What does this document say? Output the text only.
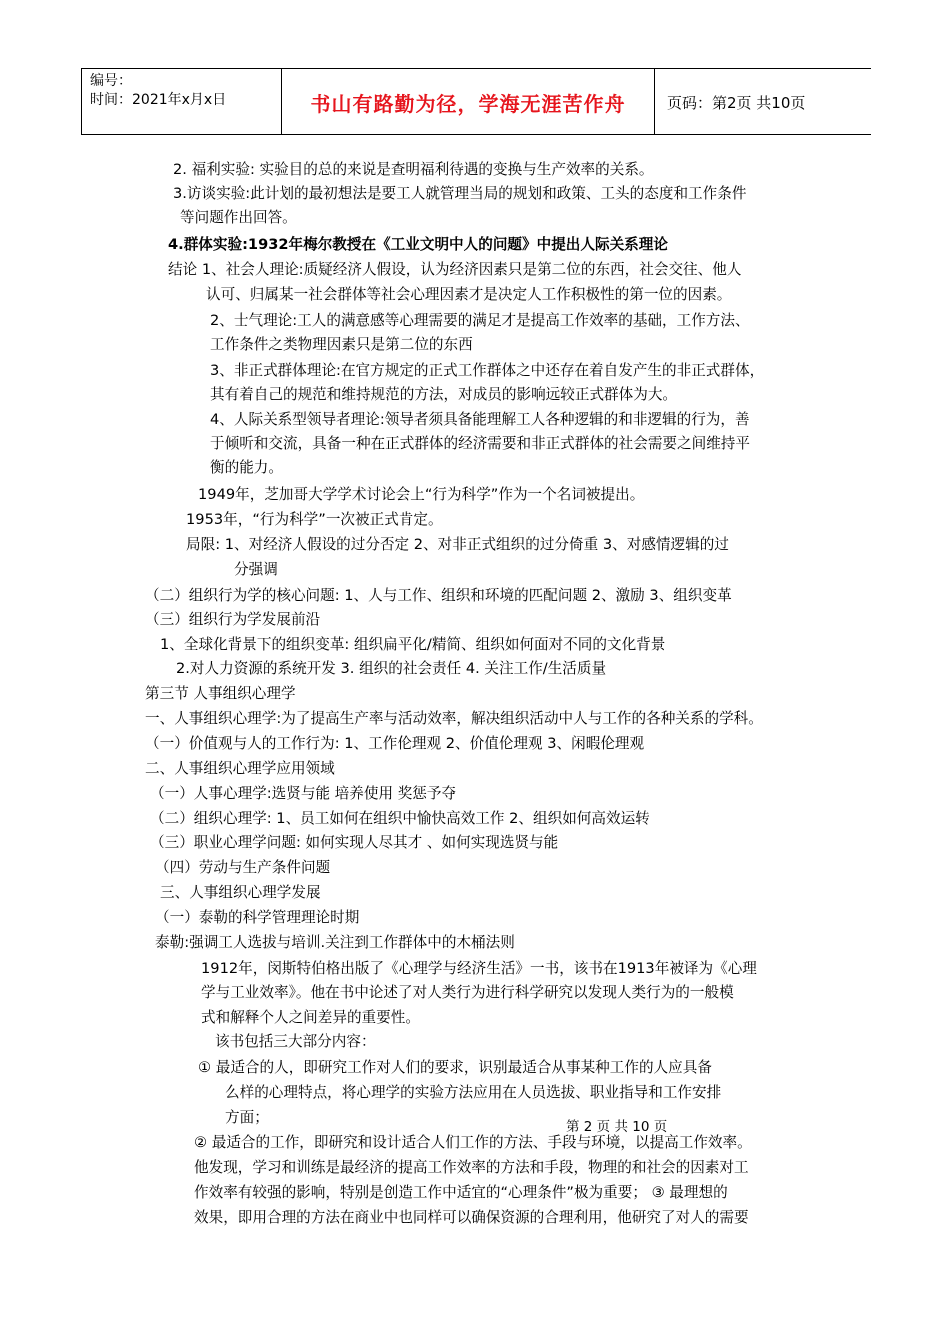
编号：
时间：2021年x月x日	书山有路勤为径，学海无涯苦作舟	页码：第2页 共10页
2. 福利实验: 实验目的总的来说是查明福利待遇的变换与生产效率的关系。
3.访谈实验:此计划的最初想法是要工人就管理当局的规划和政策、工头的态度和工作条件
等问题作出回答。
4.群体实验:1932年梅尔教授在《工业文明中人的问题》中提出人际关系理论
结论 1、社会人理论:质疑经济人假设，认为经济因素只是第二位的东西，社会交往、他人
认可、归属某一社会群体等社会心理因素才是决定人工作积极性的第一位的因素。
2、士气理论:工人的满意感等心理需要的满足才是提高工作效率的基础，工作方法、
工作条件之类物理因素只是第二位的东西
3、非正式群体理论:在官方规定的正式工作群体之中还存在着自发产生的非正式群体，
其有着自己的规范和维持规范的方法，对成员的影响远较正式群体为大。
4、人际关系型领导者理论:领导者须具备能理解工人各种逻辑的和非逻辑的行为，善
于倾听和交流，具备一种在正式群体的经济需要和非正式群体的社会需要之间维持平
衡的能力。
1949年，芝加哥大学学术讨论会上“行为科学”作为一个名词被提出。
1953年，“行为科学”一次被正式肯定。
局限: 1、对经济人假设的过分否定 2、对非正式组织的过分倚重 3、对感情逻辑的过
分强调
（二）组织行为学的核心问题: 1、人与工作、组织和环境的匹配问题 2、激励 3、组织变革
（三）组织行为学发展前沿
1、全球化背景下的组织变革: 组织扁平化/精简、组织如何面对不同的文化背景
2.对人力资源的系统开发 3. 组织的社会责任 4. 关注工作/生活质量
第三节 人事组织心理学
一、人事组织心理学:为了提高生产率与活动效率，解决组织活动中人与工作的各种关系的学科。
（一）价值观与人的工作行为: 1、工作伦理观 2、价值伦理观 3、闲暇伦理观
二、人事组织心理学应用领域
（一）人事心理学:选贤与能 培养使用 奖惩予夺
（二）组织心理学: 1、员工如何在组织中愉快高效工作 2、组织如何高效运转
（三）职业心理学问题: 如何实现人尽其才 、如何实现选贤与能
（四）劳动与生产条件问题
三、人事组织心理学发展
（一）泰勒的科学管理理论时期
泰勒:强调工人选拔与培训.关注到工作群体中的木桶法则
1912年，闵斯特伯格出版了《心理学与经济生活》一书，该书在1913年被译为《心理
学与工业效率》。他在书中论述了对人类行为进行科学研究以发现人类行为的一般模
式和解释个人之间差异的重要性。
该书包括三大部分内容：
① 最适合的人，即研究工作对人们的要求，识别最适合从事某种工作的人应具备
么样的心理特点，将心理学的实验方法应用在人员选拔、职业指导和工作安排
方面；
第 2 页 共 10 页
② 最适合的工作，即研究和设计适合人们工作的方法、手段与环境，以提高工作效率。
他发现，学习和训练是最经济的提高工作效率的方法和手段，物理的和社会的因素对工
作效率有较强的影响，特别是创造工作中适宜的“心理条件”极为重要； ③ 最理想的
效果，即用合理的方法在商业中也同样可以确保资源的合理利用，他研究了对人的需要
